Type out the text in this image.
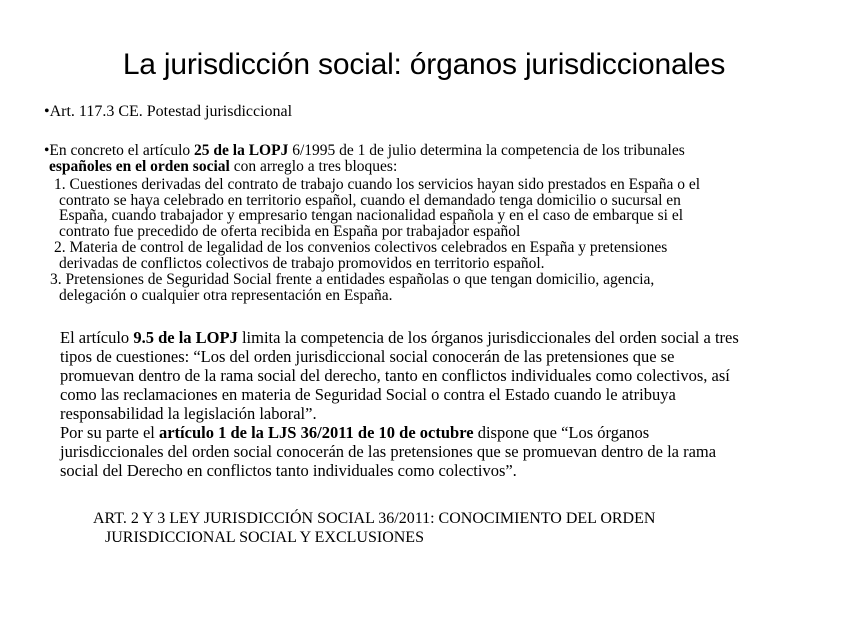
La jurisdicción social: órganos jurisdiccionales
•Art. 117.3 CE. Potestad jurisdiccional
•En concreto el artículo 25 de la LOPJ 6/1995 de 1 de julio determina la competencia de los tribunales
españoles en el orden social con arreglo a tres bloques:
1. Cuestiones derivadas del contrato de trabajo cuando los servicios hayan sido prestados en España o el
contrato se haya celebrado en territorio español, cuando el demandado tenga domicilio o sucursal en
España, cuando trabajador y empresario tengan nacionalidad española y en el caso de embarque si el
contrato fue precedido de oferta recibida en España por trabajador español
2. Materia de control de legalidad de los convenios colectivos celebrados en España y pretensiones
derivadas de conflictos colectivos de trabajo promovidos en territorio español.
3. Pretensiones de Seguridad Social frente a entidades españolas o que tengan domicilio, agencia,
delegación o cualquier otra representación en España.
El artículo 9.5 de la LOPJ limita la competencia de los órganos jurisdiccionales del orden social a tres
tipos de cuestiones: “Los del orden jurisdiccional social conocerán de las pretensiones que se
promuevan dentro de la rama social del derecho, tanto en conflictos individuales como colectivos, así
como las reclamaciones en materia de Seguridad Social o contra el Estado cuando le atribuya
responsabilidad la legislación laboral”.
Por su parte el artículo 1 de la LJS 36/2011 de 10 de octubre dispone que “Los órganos
jurisdiccionales del orden social conocerán de las pretensiones que se promuevan dentro de la rama
social del Derecho en conflictos tanto individuales como colectivos”.
ART. 2 Y 3 LEY JURISDICCIÓN SOCIAL 36/2011: CONOCIMIENTO DEL ORDEN
JURISDICCIONAL SOCIAL Y EXCLUSIONES
